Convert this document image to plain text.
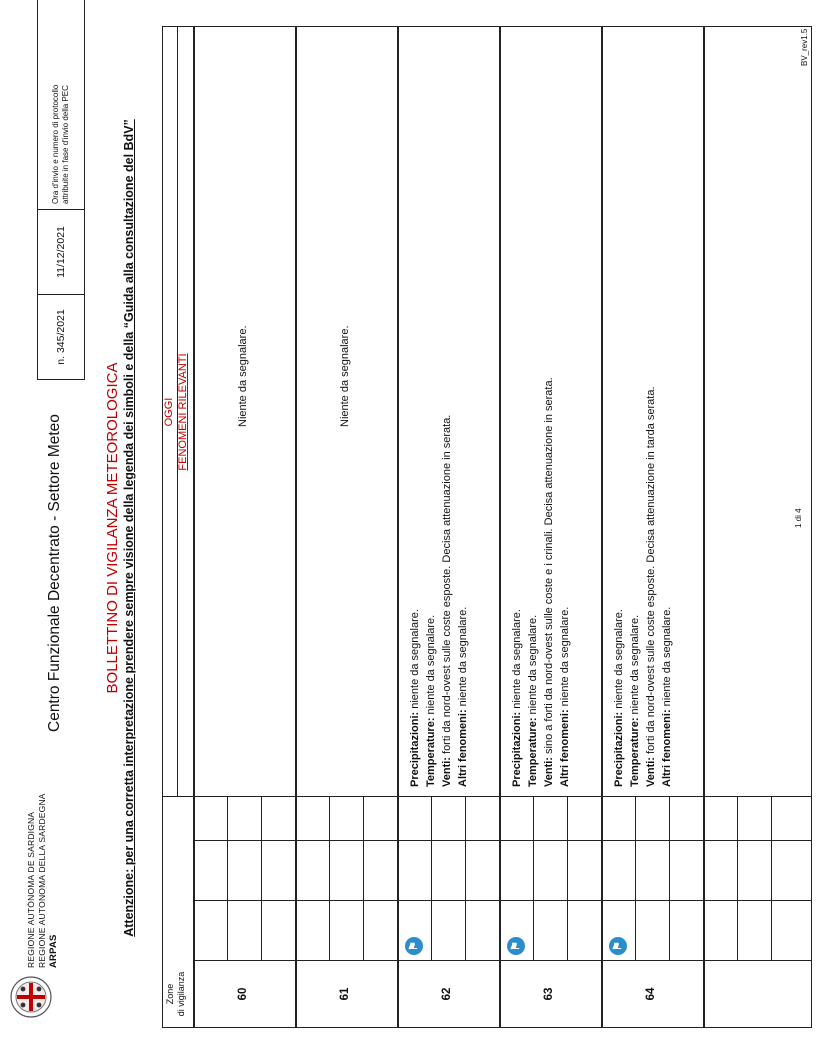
REGIONE AUTÒNOMA DE SARDIGNA REGIONE AUTONOMA DELLA SARDEGNA ARPAS
Centro Funzionale Decentrato - Settore Meteo
n. 345/2021
11/12/2021
Ora d'invio e numero di protocollo attribuite in fase d'invio della PEC
BOLLETTINO DI VIGILANZA METEOROLOGICA Attenzione: per una corretta interpretazione prendere sempre visione della legenda dei simboli e della “Guida alla consultazione del BdV”
Zone di vigilanza
OGGI FENOMENI RILEVANTI
60
Niente da segnalare.
61
Niente da segnalare.
62
⚑
Precipitazioni: niente da segnalare.
Temperature: niente da segnalare.
Venti: forti da nord-ovest sulle coste esposte. Decisa attenuazione in serata. Altri fenomeni: niente da segnalare.
63
⚑
Precipitazioni: niente da segnalare.
Temperature: niente da segnalare.
Venti: sino a forti da nord-ovest sulle coste e i crinali. Decisa attenuazione in serata. Altri fenomeni: niente da segnalare.
64
⚑
Precipitazioni: niente da segnalare.
Temperature: niente da segnalare.
Venti: forti da nord-ovest sulle coste esposte. Decisa attenuazione in tarda serata. Altri fenomeni: niente da segnalare.
1 di 4
BV_rev1.5
